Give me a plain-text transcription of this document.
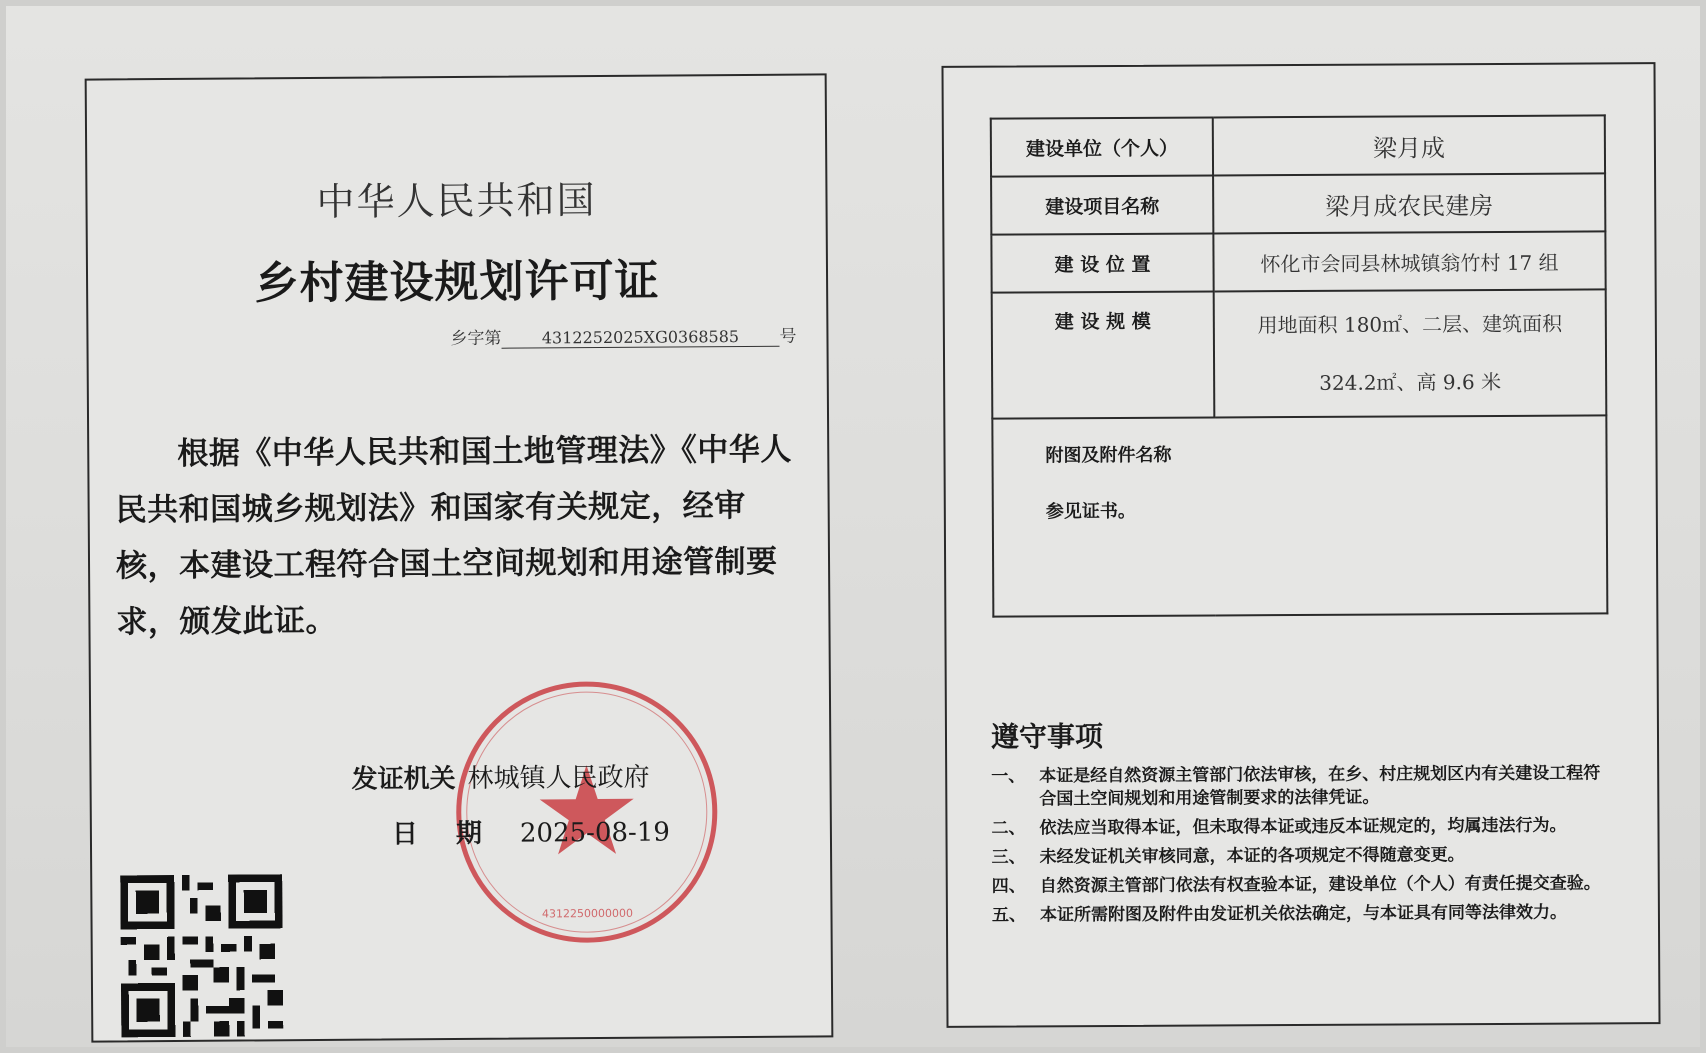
中华人民共和国
乡村建设规划许可证
乡字第	4312252025XG0368585 号
根据《中华人民共和国土地管理法》《中华人民共和国城乡规划法》和国家有关规定，经审核，本建设工程符合国土空间规划和用途管制要求，颁发此证。
4312250000000
发证机关 林城镇人民政府
日期2025-08-19
建设单位（个人）	梁月成
建设项目名称	梁月成农民建房
建 设 位 置	怀化市会同县林城镇翁竹村 17 组
建 设 规 模	用地面积 180㎡、二层、建筑面积
324.2㎡、高 9.6 米

附图及附件名称
参见证书。	
遵守事项
一、 本证是经自然资源主管部门依法审核，在乡、村庄规划区内有关建设工程符合国土空间规划和用途管制要求的法律凭证。
二、 依法应当取得本证，但未取得本证或违反本证规定的，均属违法行为。
三、 未经发证机关审核同意，本证的各项规定不得随意变更。
四、 自然资源主管部门依法有权查验本证，建设单位（个人）有责任提交查验。
五、 本证所需附图及附件由发证机关依法确定，与本证具有同等法律效力。
